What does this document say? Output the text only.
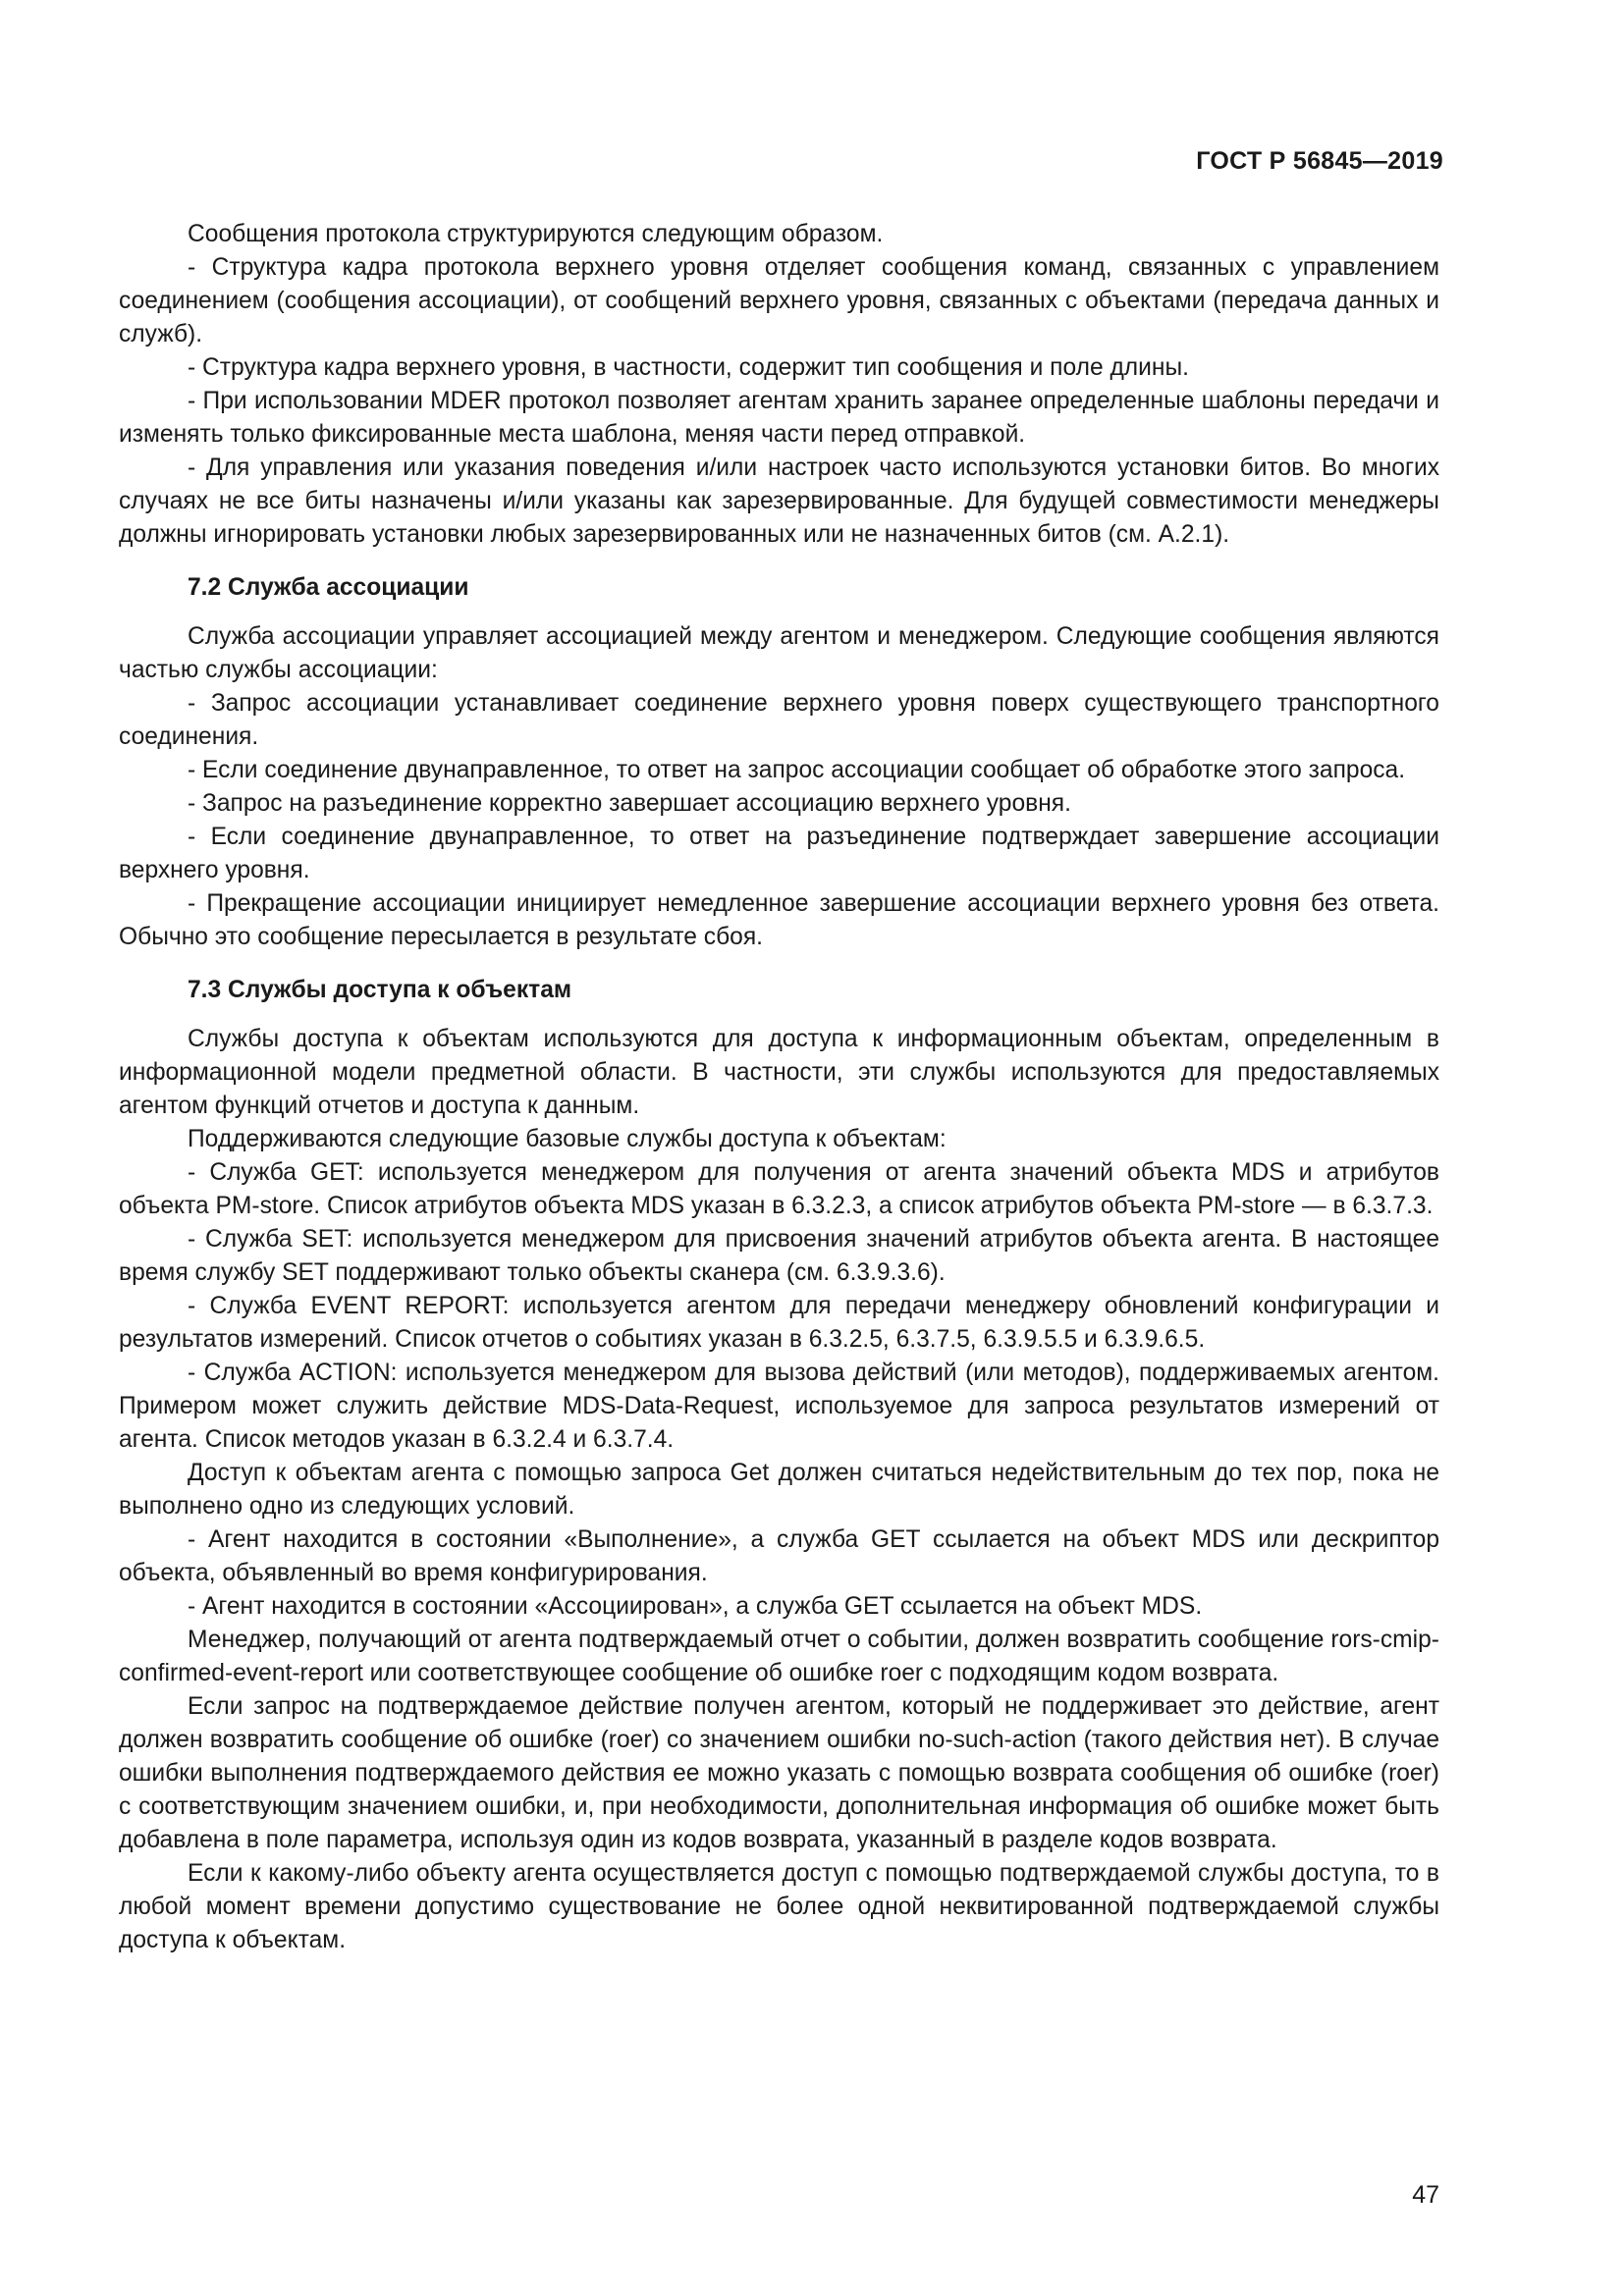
ГОСТ Р 56845—2019

Сообщения протокола структурируются следующим образом.

- Структура кадра протокола верхнего уровня отделяет сообщения команд, связанных с управлением соединением (сообщения ассоциации), от сообщений верхнего уровня, связанных с объектами (передача данных и служб).

- Структура кадра верхнего уровня, в частности, содержит тип сообщения и поле длины.

- При использовании MDER протокол позволяет агентам хранить заранее определенные шаблоны передачи и изменять только фиксированные места шаблона, меняя части перед отправкой.

- Для управления или указания поведения и/или настроек часто используются установки битов. Во многих случаях не все биты назначены и/или указаны как зарезервированные. Для будущей совместимости менеджеры должны игнорировать установки любых зарезервированных или не назначенных битов (см. А.2.1).

7.2 Служба ассоциации

Служба ассоциации управляет ассоциацией между агентом и менеджером. Следующие сообщения являются частью службы ассоциации:

- Запрос ассоциации устанавливает соединение верхнего уровня поверх существующего транспортного соединения.

- Если соединение двунаправленное, то ответ на запрос ассоциации сообщает об обработке этого запроса.

- Запрос на разъединение корректно завершает ассоциацию верхнего уровня.

- Если соединение двунаправленное, то ответ на разъединение подтверждает завершение ассоциации верхнего уровня.

- Прекращение ассоциации инициирует немедленное завершение ассоциации верхнего уровня без ответа. Обычно это сообщение пересылается в результате сбоя.

7.3 Службы доступа к объектам

Службы доступа к объектам используются для доступа к информационным объектам, определенным в информационной модели предметной области. В частности, эти службы используются для предоставляемых агентом функций отчетов и доступа к данным.

Поддерживаются следующие базовые службы доступа к объектам:

- Служба GET: используется менеджером для получения от агента значений объекта MDS и атрибутов объекта PM-store. Список атрибутов объекта MDS указан в 6.3.2.3, а список атрибутов объекта PM-store — в 6.3.7.3.

- Служба SET: используется менеджером для присвоения значений атрибутов объекта агента. В настоящее время службу SET поддерживают только объекты сканера (см. 6.3.9.3.6).

- Служба EVENT REPORT: используется агентом для передачи менеджеру обновлений конфигурации и результатов измерений. Список отчетов о событиях указан в 6.3.2.5, 6.3.7.5, 6.3.9.5.5 и 6.3.9.6.5.

- Служба ACTION: используется менеджером для вызова действий (или методов), поддерживаемых агентом. Примером может служить действие MDS-Data-Request, используемое для запроса результатов измерений от агента. Список методов указан в 6.3.2.4 и 6.3.7.4.

Доступ к объектам агента с помощью запроса Get должен считаться недействительным до тех пор, пока не выполнено одно из следующих условий.

- Агент находится в состоянии «Выполнение», а служба GET ссылается на объект MDS или дескриптор объекта, объявленный во время конфигурирования.

- Агент находится в состоянии «Ассоциирован», а служба GET ссылается на объект MDS.

Менеджер, получающий от агента подтверждаемый отчет о событии, должен возвратить сообщение rors-cmip-confirmed-event-report или соответствующее сообщение об ошибке roer с подходящим кодом возврата.

Если запрос на подтверждаемое действие получен агентом, который не поддерживает это действие, агент должен возвратить сообщение об ошибке (roer) со значением ошибки no-such-action (такого действия нет). В случае ошибки выполнения подтверждаемого действия ее можно указать с помощью возврата сообщения об ошибке (roer) с соответствующим значением ошибки, и, при необходимости, дополнительная информация об ошибке может быть добавлена в поле параметра, используя один из кодов возврата, указанный в разделе кодов возврата.

Если к какому-либо объекту агента осуществляется доступ с помощью подтверждаемой службы доступа, то в любой момент времени допустимо существование не более одной неквитированной подтверждаемой службы доступа к объектам.

47
